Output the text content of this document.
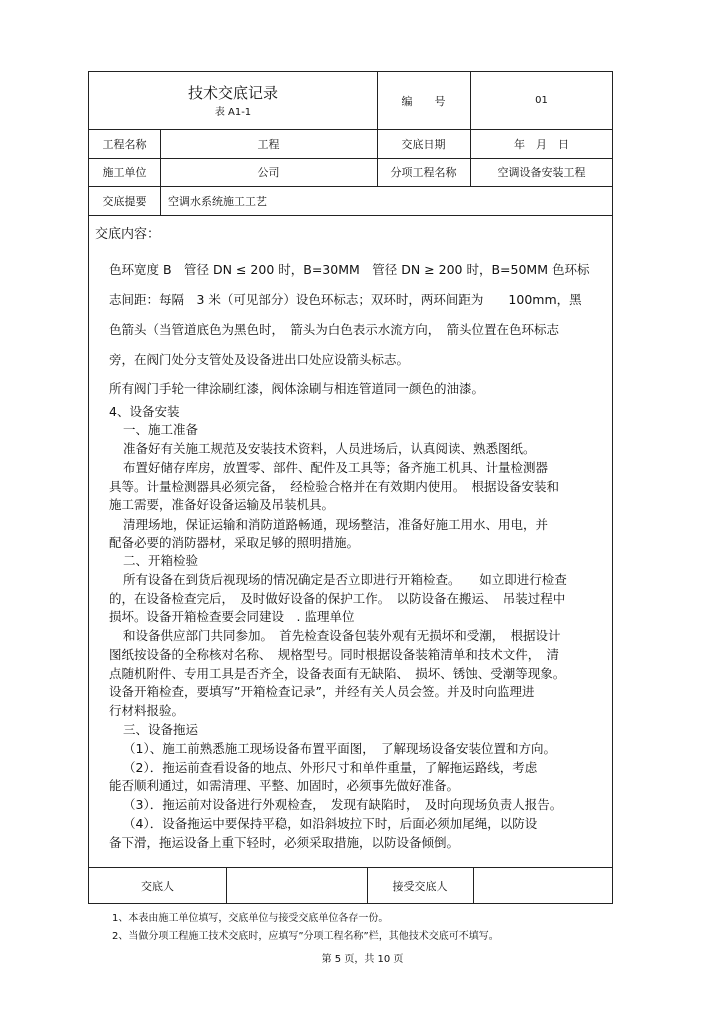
技术交底记录
表 A1-1
编　　号	01
工程名称	工程	交底日期	年　月　日
施工单位	公司	分项工程名称	空调设备安装工程
交底提要	空调水系统施工工艺
交底内容：

色环宽度 B　管径 DN ≤ 200 时，B=30MM　管径 DN ≥ 200 时，B=50MM 色环标

志间距：每隔　3 米（可见部分）设色环标志；双环时，两环间距为　　100mm，黑

色箭头（当管道底色为黑色时，　箭头为白色表示水流方向，　箭头位置在色环标志

旁，在阀门处分支管处及设备进出口处应设箭头标志。

所有阀门手轮一律涂刷红漆，阀体涂刷与相连管道同一颜色的油漆。

4、设备安装

一、施工准备

准备好有关施工规范及安装技术资料，人员进场后，认真阅读、熟悉图纸。

布置好储存库房，放置零、部件、配件及工具等；备齐施工机具、计量检测器

具等。计量检测器具必须完备，　经检验合格并在有效期内使用。　根据设备安装和

施工需要，准备好设备运输及吊装机具。

清理场地，保证运输和消防道路畅通，现场整洁，准备好施工用水、用电，并

配备必要的消防器材，采取足够的照明措施。

二、开箱检验

所有设备在到货后视现场的情况确定是否立即进行开箱检查。　　如立即进行检查

的，在设备检查完后，　及时做好设备的保护工作。　以防设备在搬运、　吊装过程中

损坏。设备开箱检查要会同建设　. 监理单位

和设备供应部门共同参加。　首先检查设备包装外观有无损坏和受潮，　根据设计

图纸按设备的全称核对名称、　规格型号。同时根据设备装箱清单和技术文件，　清

点随机附件、专用工具是否齐全，设备表面有无缺陷、　损坏、锈蚀、受潮等现象。

设备开箱检查，要填写”开箱检查记录”，并经有关人员会签。并及时向监理进

行材料报验。

三、设备拖运

（1）、施工前熟悉施工现场设备布置平面图，　了解现场设备安装位置和方向。

（2）．拖运前查看设备的地点、外形尺寸和单件重量，了解拖运路线，考虑

能否顺利通过，如需清理、平整、加固时，必须事先做好准备。

（3）．拖运前对设备进行外观检查，　发现有缺陷时，　及时向现场负责人报告。

（4）．设备拖运中要保持平稳，如沿斜坡拉下时，后面必须加尾绳，以防设

备下滑，拖运设备上重下轻时，必须采取措施，以防设备倾倒。

交底人	接受交底人
1、本表由施工单位填写，交底单位与接受交底单位各存一份。
2、当做分项工程施工技术交底时，应填写”分项工程名称”栏，其他技术交底可不填写。
第 5 页，共 10 页
